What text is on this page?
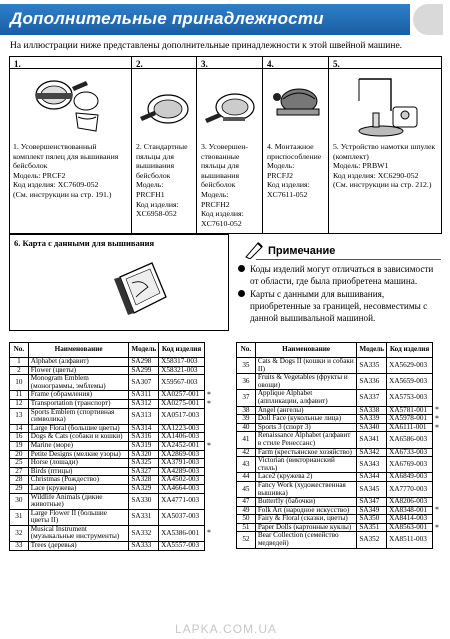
Дополнительные принадлежности
На иллюстрации ниже представлены дополнительные принадлежности к этой швейной машине.
1.
1. Усовершенствованный
комплект пялец для вышивания
бейсболок
Модель: PRCF2
Код изделия: XC7609-052
(См. инструкции на стр. 191.)
2.
2. Стандартные
пяльцы для
вышивания
бейсболок
Модель:
PRCFH1
Код изделия:
XC6958-052
3.
3. Усовершен-
ствованные
пяльцы для
вышивания
бейсболок
Модель:
PRCFH2
Код изделия:
XC7610-052
4.
4. Монтажное
приспособление
Модель:
PRCFJ2
Код изделия:
XC7611-052
5.
5. Устройство намотки шпулек
(комплект)
Модель: PRBW1
Код изделия: XC6290-052
(См. инструкции на стр. 212.)
6. Карта с данными для вышивания
Примечание
Коды изделий могут отличаться в зависимости
от области, где была приобретена машина.
Карты с данными для вышивания,
приобретенные за границей, несовместимы с
данной вышивальной машиной.
No.	Наименование	Модель	Код изделия
1	Alphabet (алфавит)	SA298	X58317-003
2	Flower (цветы)	SA299	X58321-003
10	Monogram Emblem (монограммы, эмблемы)	SA307	X59567-003
11	Frame (обрамления)	SA311	XA0257-001
12	Transportation (транспорт)	SA312	XA0275-001
13	Sports Emblem (спортивная символика)	SA313	XA0517-003
14	Large Floral (большие цветы)	SA314	XA1223-003
16	Dogs & Cats (собаки и кошки)	SA316	XA1406-003
19	Marine (море)	SA319	XA2452-001
20	Petite Designs (мелкие узоры)	SA320	XA2869-003
25	Horse (лошади)	SA325	XA3791-003
27	Birds (птицы)	SA327	XA4289-003
28	Christmas (Рождество)	SA328	XA4502-003
29	Lace (кружева)	SA329	XA4664-003
30	Wildlife Animals (дикие животные)	SA330	XA4771-003
31	Large Flower II (большие цветы II)	SA331	XA5037-003
32	Musical Instrument (музыкальные инструменты)	SA332	XA5386-001
33	Trees (деревья)	SA333	XA5557-003
No.	Наименование	Модель	Код изделия
35	Cats & Dogs II (кошки и собаки II)	SA335	XA5629-003
36	Fruits & Vegetables (фрукты и овощи)	SA336	XA5659-003
37	Applique Alphabet (аппликации, алфавит)	SA337	XA5753-003
38	Angel (ангелы)	SA338	XA5781-001
39	Doll Face (кукольные лица)	SA339	XA5978-001
40	Sports 3 (спорт 3)	SA340	XA6111-001
41	Renaissance Alphabet (алфавит в стиле Ренессанс)	SA341	XA6586-003
42	Farm (крестьянское хозяйство)	SA342	XA6733-003
43	Victorian (викторианский стиль)	SA343	XA6769-003
44	Lace2 (кружева 2)	SA344	XA6849-003
45	Fancy Work (художественная вышивка)	SA345	XA7770-003
47	Butterfly (бабочки)	SA347	XA8206-003
49	Folk Art (народное искусство)	SA349	XA8348-001
50	Fairy & Floral (сказки, цветы)	SA350	XA8414-003
51	Paper Dolls (картонные куклы)	SA351	XA8563-001
52	Bear Collection (семейство медведей)	SA352	XA8511-003
LAPKA.COM.UA
*
*
*
*
*
*
*
*
*
